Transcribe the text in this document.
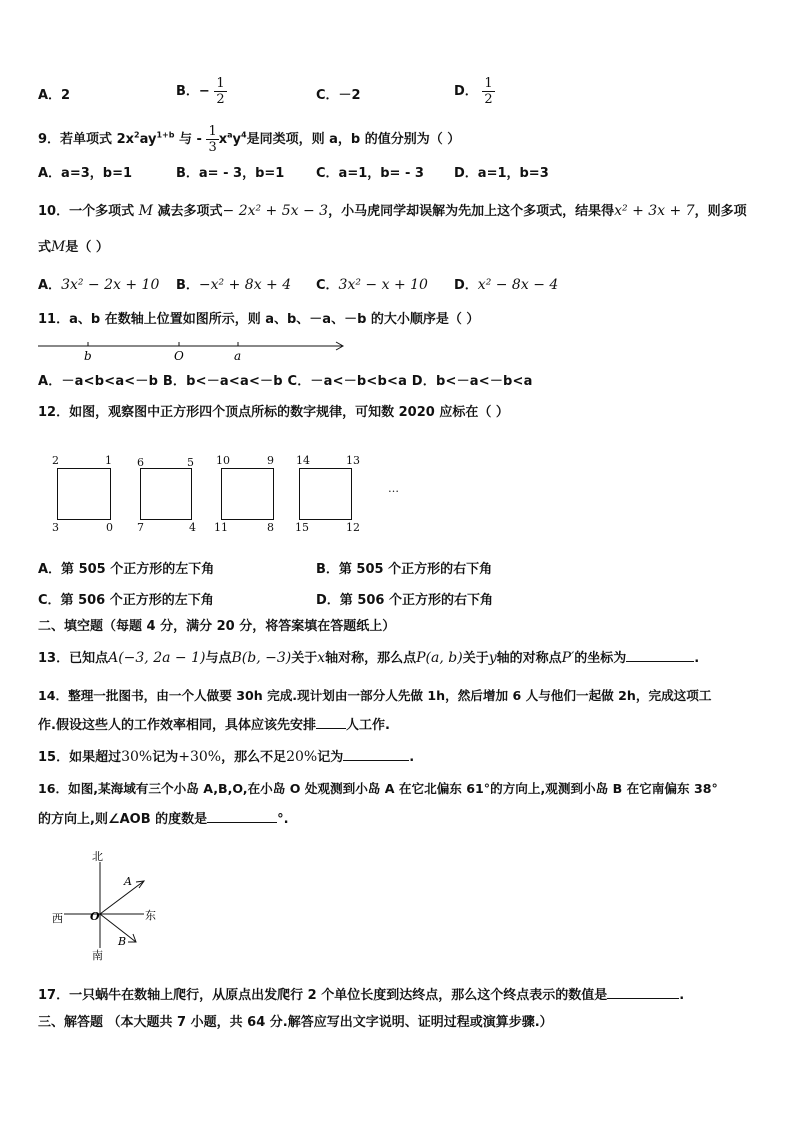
A．2	B．− $\frac{1}{2}$	C．－2	D． $\frac{1}{2}$
9．若单项式 $2x^2ay^{1+b}$ 与 - $\frac{1}{3} x^ay^4$是同类项，则 a，b 的值分别为（ ）
A．a=3，b=1	B．a= - 3，b=1 C．a=1，b= - 3 D．a=1，b=3
10．一个多项式 M 减去多项式− 2x² + 5x − 3，小马虎同学却误解为先加上这个多项式，结果得x² + 3x + 7，则多项
式M是（ ）
A．3x² − 2x + 10 B．−x² + 8x + 4 C．3x² − x + 10 D．x² − 8x − 4
11．a、b 在数轴上位置如图所示，则 a、b、－a、－b 的大小顺序是（ ）
b	O	a
A．－a<b<a<－b B．b<－a<a<－b C．－a<－b<b<a D．b<－a<－b<a
12．如图，观察图中正方形四个顶点所标的数字规律，可知数 2020 应标在（ ）
2	1
3	0
6	5
7	4
10	9
11	8
14	13
15	12
…
A．第 505 个正方形的左下角	B．第 505 个正方形的右下角
C．第 506 个正方形的左下角	D．第 506 个正方形的右下角
二、填空题（每题 4 分，满分 20 分，将答案填在答题纸上）
13．已知点A(−3, 2a − 1)与点B(b, −3)关于x轴对称，那么点P(a, b)关于y轴的对称点P′的坐标为	.
14．整理一批图书，由一个人做要 30h 完成.现计划由一部分人先做 1h，然后增加 6 人与他们一起做 2h，完成这项工
作.假设这些人的工作效率相同，具体应该先安排 人工作.
15．如果超过30%记为+30%，那么不足20%记为	.
16．如图,某海域有三个小岛 A,B,O,在小岛 O 处观测到小岛 A 在它北偏东 61°的方向上,观测到小岛 B 在它南偏东 38°
的方向上,则∠AOB 的度数是	°.
北
南
东
西 O
A
B
17．一只蜗牛在数轴上爬行，从原点出发爬行 2 个单位长度到达终点，那么这个终点表示的数值是	.
三、解答题 （本大题共 7 小题，共 64 分.解答应写出文字说明、证明过程或演算步骤.）
